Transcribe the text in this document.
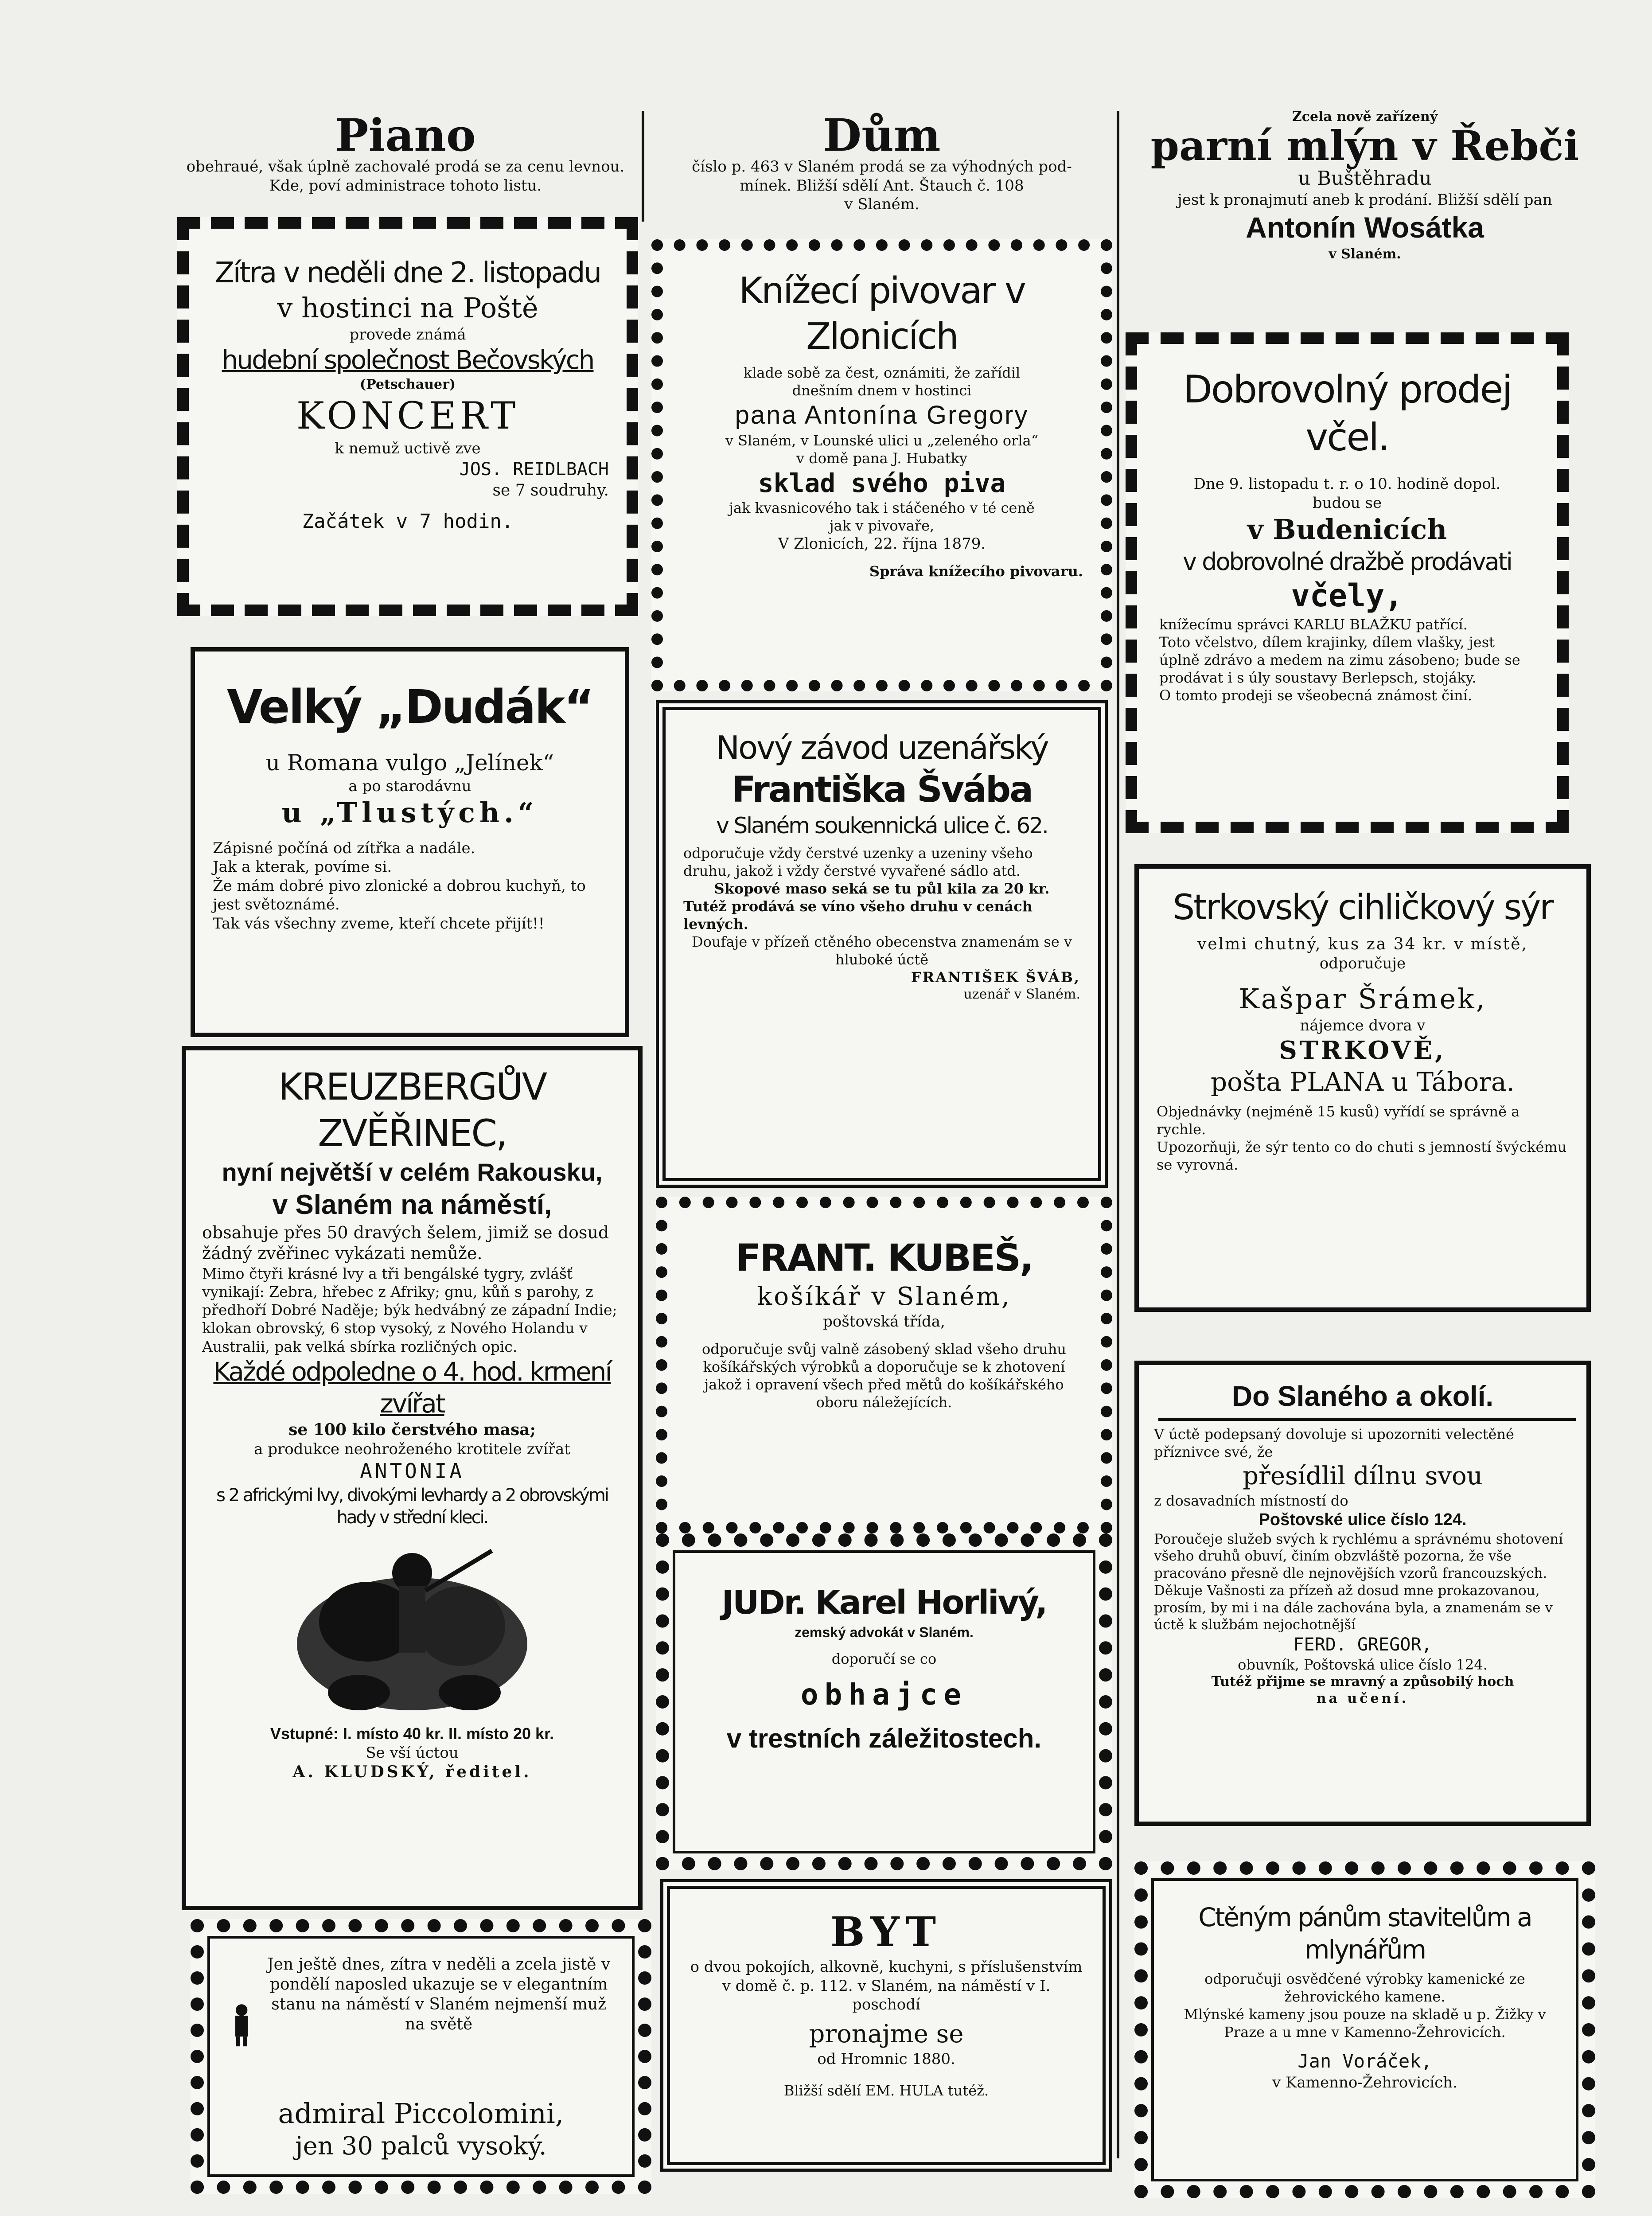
Piano

obehraué, však úplně zachovalé prodá se za cenu levnou.

Kde, poví administrace tohoto listu.

Dům

číslo p. 463 v Slaném prodá se za výhodných pod-

mínek. Bližší sdělí Ant. Štauch č. 108

v Slaném.

Zcela nově zařízený

parní mlýn v Řebči

u Buštěhradu

jest k pronajmutí aneb k prodání. Bližší sdělí pan

Antonín Wosátka

v Slaném.

Zítra v neděli dne 2. listopadu

v hostinci na Poště

provede známá

hudební společnost Bečovských

(Petschauer)

KONCERT

k nemuž uctivě zve

JOS. REIDLBACH

se 7 soudruhy.

Začátek v 7 hodin.

Velký „Dudák“

u Romana vulgo „Jelínek“

a po starodávnu

u „Tlustých.“

Zápisné počíná od zítřka a nadále.

Jak a kterak, povíme si.

Že mám dobré pivo zlonické a dobrou kuchyň, to jest světoznámé.

Tak vás všechny zveme, kteří chcete přijít!!

KREUZBERGŮV ZVĚŘINEC,

nyní největší v celém Rakousku,

v Slaném na náměstí,

obsahuje přes 50 dravých šelem, jimiž se dosud žádný zvěřinec vykázati nemůže.

Mimo čtyři krásné lvy a tři bengálské tygry, zvlášť vynikají: Zebra, hřebec z Afriky; gnu, kůň s parohy, z předhoří Dobré Naděje; býk hedvábný ze západní Indie; klokan obrovský, 6 stop vysoký, z Nového Holandu v Australii, pak velká sbírka rozličných opic.

Každé odpoledne o 4. hod. krmení zvířat

se 100 kilo čerstvého masa;

a produkce neohroženého krotitele zvířat

ANTONIA

s 2 africkými lvy, divokými levhardy a 2 obrovskými hady v střední kleci.

Vstupné: I. místo 40 kr. II. místo 20 kr.

Se vší úctou

A. KLUDSKÝ, ředitel.

Jen ještě dnes, zítra v neděli a zcela jistě v pondělí naposled ukazuje se v elegantním stanu na náměstí v Slaném nejmenší muž na světě

admiral Piccolomini,

jen 30 palců vysoký.

Knížecí pivovar v Zlonicích

klade sobě za čest, oznámiti, že zařídil

dnešním dnem v hostinci

pana Antonína Gregory

v Slaném, v Lounské ulici u „zeleného orla“

v domě pana J. Hubatky

sklad svého piva

jak kvasnicového tak i stáčeného v té ceně

jak v pivovaře,

V Zlonicích, 22. října 1879.

Správa knížecího pivovaru.

Nový závod uzenářský

Františka Švába

v Slaném soukennická ulice č. 62.

odporučuje vždy čerstvé uzenky a uzeniny všeho druhu, jakož i vždy čerstvé vyvařené sádlo atd.

Skopové maso seká se tu půl kila za 20 kr.

Tutéž prodává se víno všeho druhu v cenách levných.

Doufaje v přízeň ctěného obecenstva znamenám se v hluboké úctě

FRANTIŠEK ŠVÁB,

uzenář v Slaném.

FRANT. KUBEŠ,

košíkář v Slaném,

poštovská třída,

odporučuje svůj valně zásobený sklad všeho druhu košíkářských výrobků a doporučuje se k zhotovení jakož i opravení všech před mětů do košíkářského oboru náležejících.

JUDr. Karel Horlivý,

zemský advokát v Slaném.

doporučí se co

obhajce

v trestních záležitostech.

BYT

o dvou pokojích, alkovně, kuchyni, s příslušenstvím v domě č. p. 112. v Slaném, na náměstí v I. poschodí

pronajme se

od Hromnic 1880.

Bližší sdělí EM. HULA tutéž.

Dobrovolný prodej včel.

Dne 9. listopadu t. r. o 10. hodině dopol.

budou se

v Budenicích

v dobrovolné dražbě prodávati

včely,

knížecímu správci KARLU BLAŽKU patřící.

Toto včelstvo, dílem krajinky, dílem vlašky, jest úplně zdrávo a medem na zimu zásobeno; bude se prodávat i s úly soustavy Berlepsch, stojáky.

O tomto prodeji se všeobecná známost činí.

Strkovský cihličkový sýr

velmi chutný, kus za 34 kr. v místě,

odporučuje

Kašpar Šrámek,

nájemce dvora v

STRKOVĚ,

pošta PLANA u Tábora.

Objednávky (nejméně 15 kusů) vyřídí se správně a rychle.

Upozorňuji, že sýr tento co do chuti s jemností švýckému se vyrovná.

Do Slaného a okolí.

V úctě podepsaný dovoluje si upozorniti velectěné příznivce své, že

přesídlil dílnu svou

z dosavadních místností do

Poštovské ulice číslo 124.

Poroučeje služeb svých k rychlému a správnému shotovení všeho druhů obuví, činím obzvláště pozorna, že vše pracováno přesně dle nejnovějších vzorů francouzských.

Děkuje Vašnosti za přízeň až dosud mne prokazovanou, prosím, by mi i na dále zachována byla, a znamenám se v úctě k službám nejochotnější

FERD. GREGOR,

obuvník, Poštovská ulice číslo 124.

Tutéž přijme se mravný a způsobilý hoch

na učení.

Ctěným pánům stavitelům a mlynářům

odporučuji osvědčené výrobky kamenické ze žehrovického kamene.

Mlýnské kameny jsou pouze na skladě u p. Žižky v Praze a u mne v Kamenno-Žehrovicích.

Jan Voráček,

v Kamenno-Žehrovicích.
